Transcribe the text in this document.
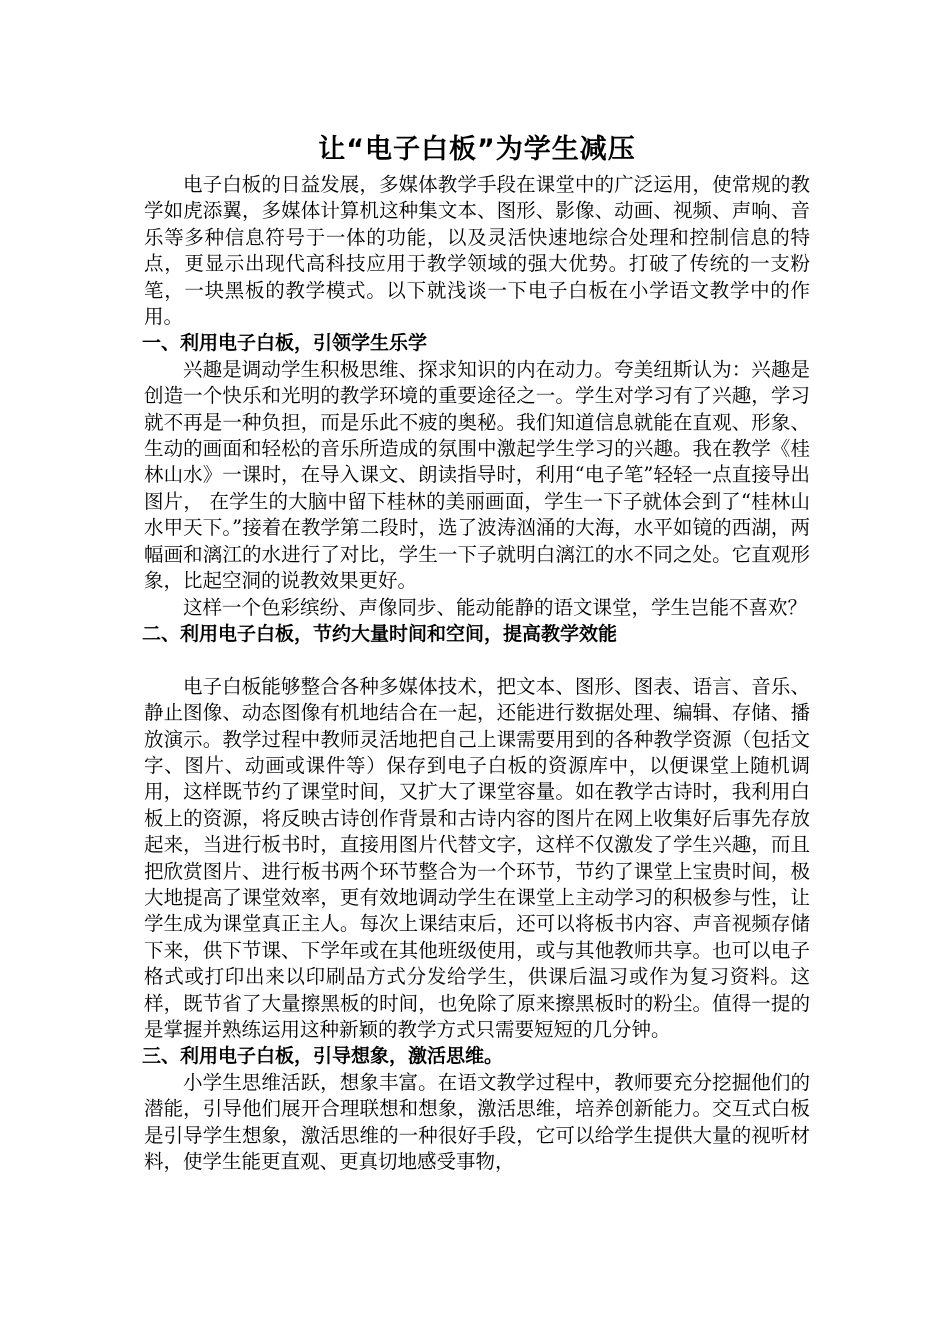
让“电子白板”为学生减压

电子白板的日益发展，多媒体教学手段在课堂中的广泛运用，使常规的教学如虎添翼，多媒体计算机这种集文本、图形、影像、动画、视频、声响、音乐等多种信息符号于一体的功能，以及灵活快速地综合处理和控制信息的特点，更显示出现代高科技应用于教学领域的强大优势。打破了传统的一支粉笔，一块黑板的教学模式。以下就浅谈一下电子白板在小学语文教学中的作用。

一、利用电子白板，引领学生乐学

兴趣是调动学生积极思维、探求知识的内在动力。夸美纽斯认为：兴趣是创造一个快乐和光明的教学环境的重要途径之一。学生对学习有了兴趣，学习就不再是一种负担，而是乐此不疲的奥秘。我们知道信息就能在直观、形象、生动的画面和轻松的音乐所造成的氛围中激起学生学习的兴趣。我在教学《桂林山水》一课时，在导入课文、朗读指导时，利用“电子笔”轻轻一点直接导出图片， 在学生的大脑中留下桂林的美丽画面，学生一下子就体会到了“桂林山水甲天下。”接着在教学第二段时，选了波涛汹涌的大海，水平如镜的西湖，两幅画和漓江的水进行了对比，学生一下子就明白漓江的水不同之处。它直观形象，比起空洞的说教效果更好。

这样一个色彩缤纷、声像同步、能动能静的语文课堂，学生岂能不喜欢？

二、利用电子白板，节约大量时间和空间，提高教学效能

电子白板能够整合各种多媒体技术，把文本、图形、图表、语言、音乐、静止图像、动态图像有机地结合在一起，还能进行数据处理、编辑、存储、播放演示。教学过程中教师灵活地把自己上课需要用到的各种教学资源（包括文字、图片、动画或课件等）保存到电子白板的资源库中，以便课堂上随机调用，这样既节约了课堂时间，又扩大了课堂容量。如在教学古诗时，我利用白板上的资源，将反映古诗创作背景和古诗内容的图片在网上收集好后事先存放起来，当进行板书时，直接用图片代替文字，这样不仅激发了学生兴趣，而且把欣赏图片、进行板书两个环节整合为一个环节，节约了课堂上宝贵时间，极大地提高了课堂效率，更有效地调动学生在课堂上主动学习的积极参与性，让学生成为课堂真正主人。每次上课结束后，还可以将板书内容、声音视频存储下来，供下节课、下学年或在其他班级使用，或与其他教师共享。也可以电子格式或打印出来以印刷品方式分发给学生，供课后温习或作为复习资料。这样，既节省了大量擦黑板的时间，也免除了原来擦黑板时的粉尘。值得一提的是掌握并熟练运用这种新颖的教学方式只需要短短的几分钟。

三、利用电子白板，引导想象，激活思维。

小学生思维活跃，想象丰富。在语文教学过程中，教师要充分挖掘他们的潜能，引导他们展开合理联想和想象，激活思维，培养创新能力。交互式白板是引导学生想象，激活思维的一种很好手段，它可以给学生提供大量的视听材料，使学生能更直观、更真切地感受事物，
